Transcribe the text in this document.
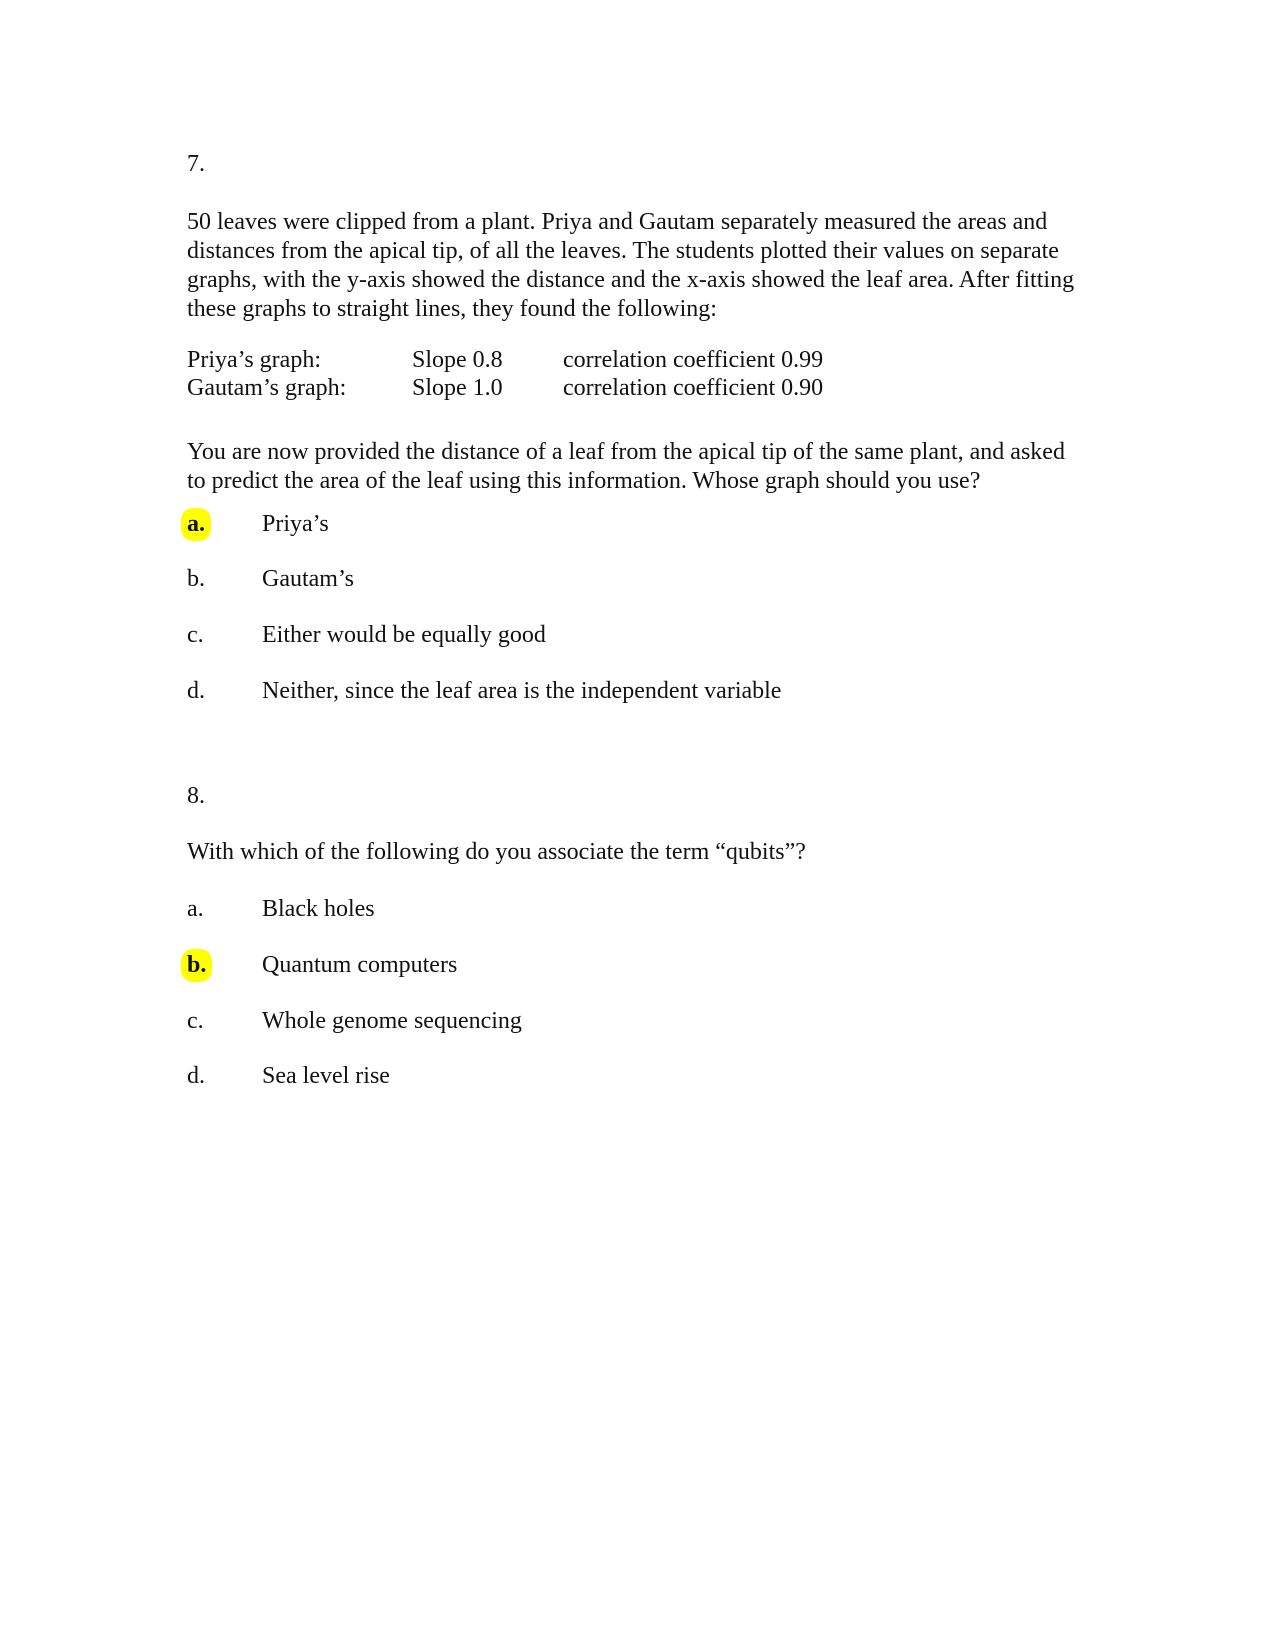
7.

50 leaves were clipped from a plant. Priya and Gautam separately measured the areas and distances from the apical tip, of all the leaves. The students plotted their values on separate graphs, with the y-axis showed the distance and the x-axis showed the leaf area. After fitting these graphs to straight lines, they found the following:

Priya’s graph:	Slope 0.8	correlation coefficient 0.99
Gautam’s graph:	Slope 1.0	correlation coefficient 0.90

You are now provided the distance of a leaf from the apical tip of the same plant, and asked to predict the area of the leaf using this information. Whose graph should you use?

a. Priya’s
b. Gautam’s
c. Either would be equally good
d. Neither, since the leaf area is the independent variable

8.

With which of the following do you associate the term “qubits”?

a. Black holes
b. Quantum computers
c. Whole genome sequencing
d. Sea level rise
